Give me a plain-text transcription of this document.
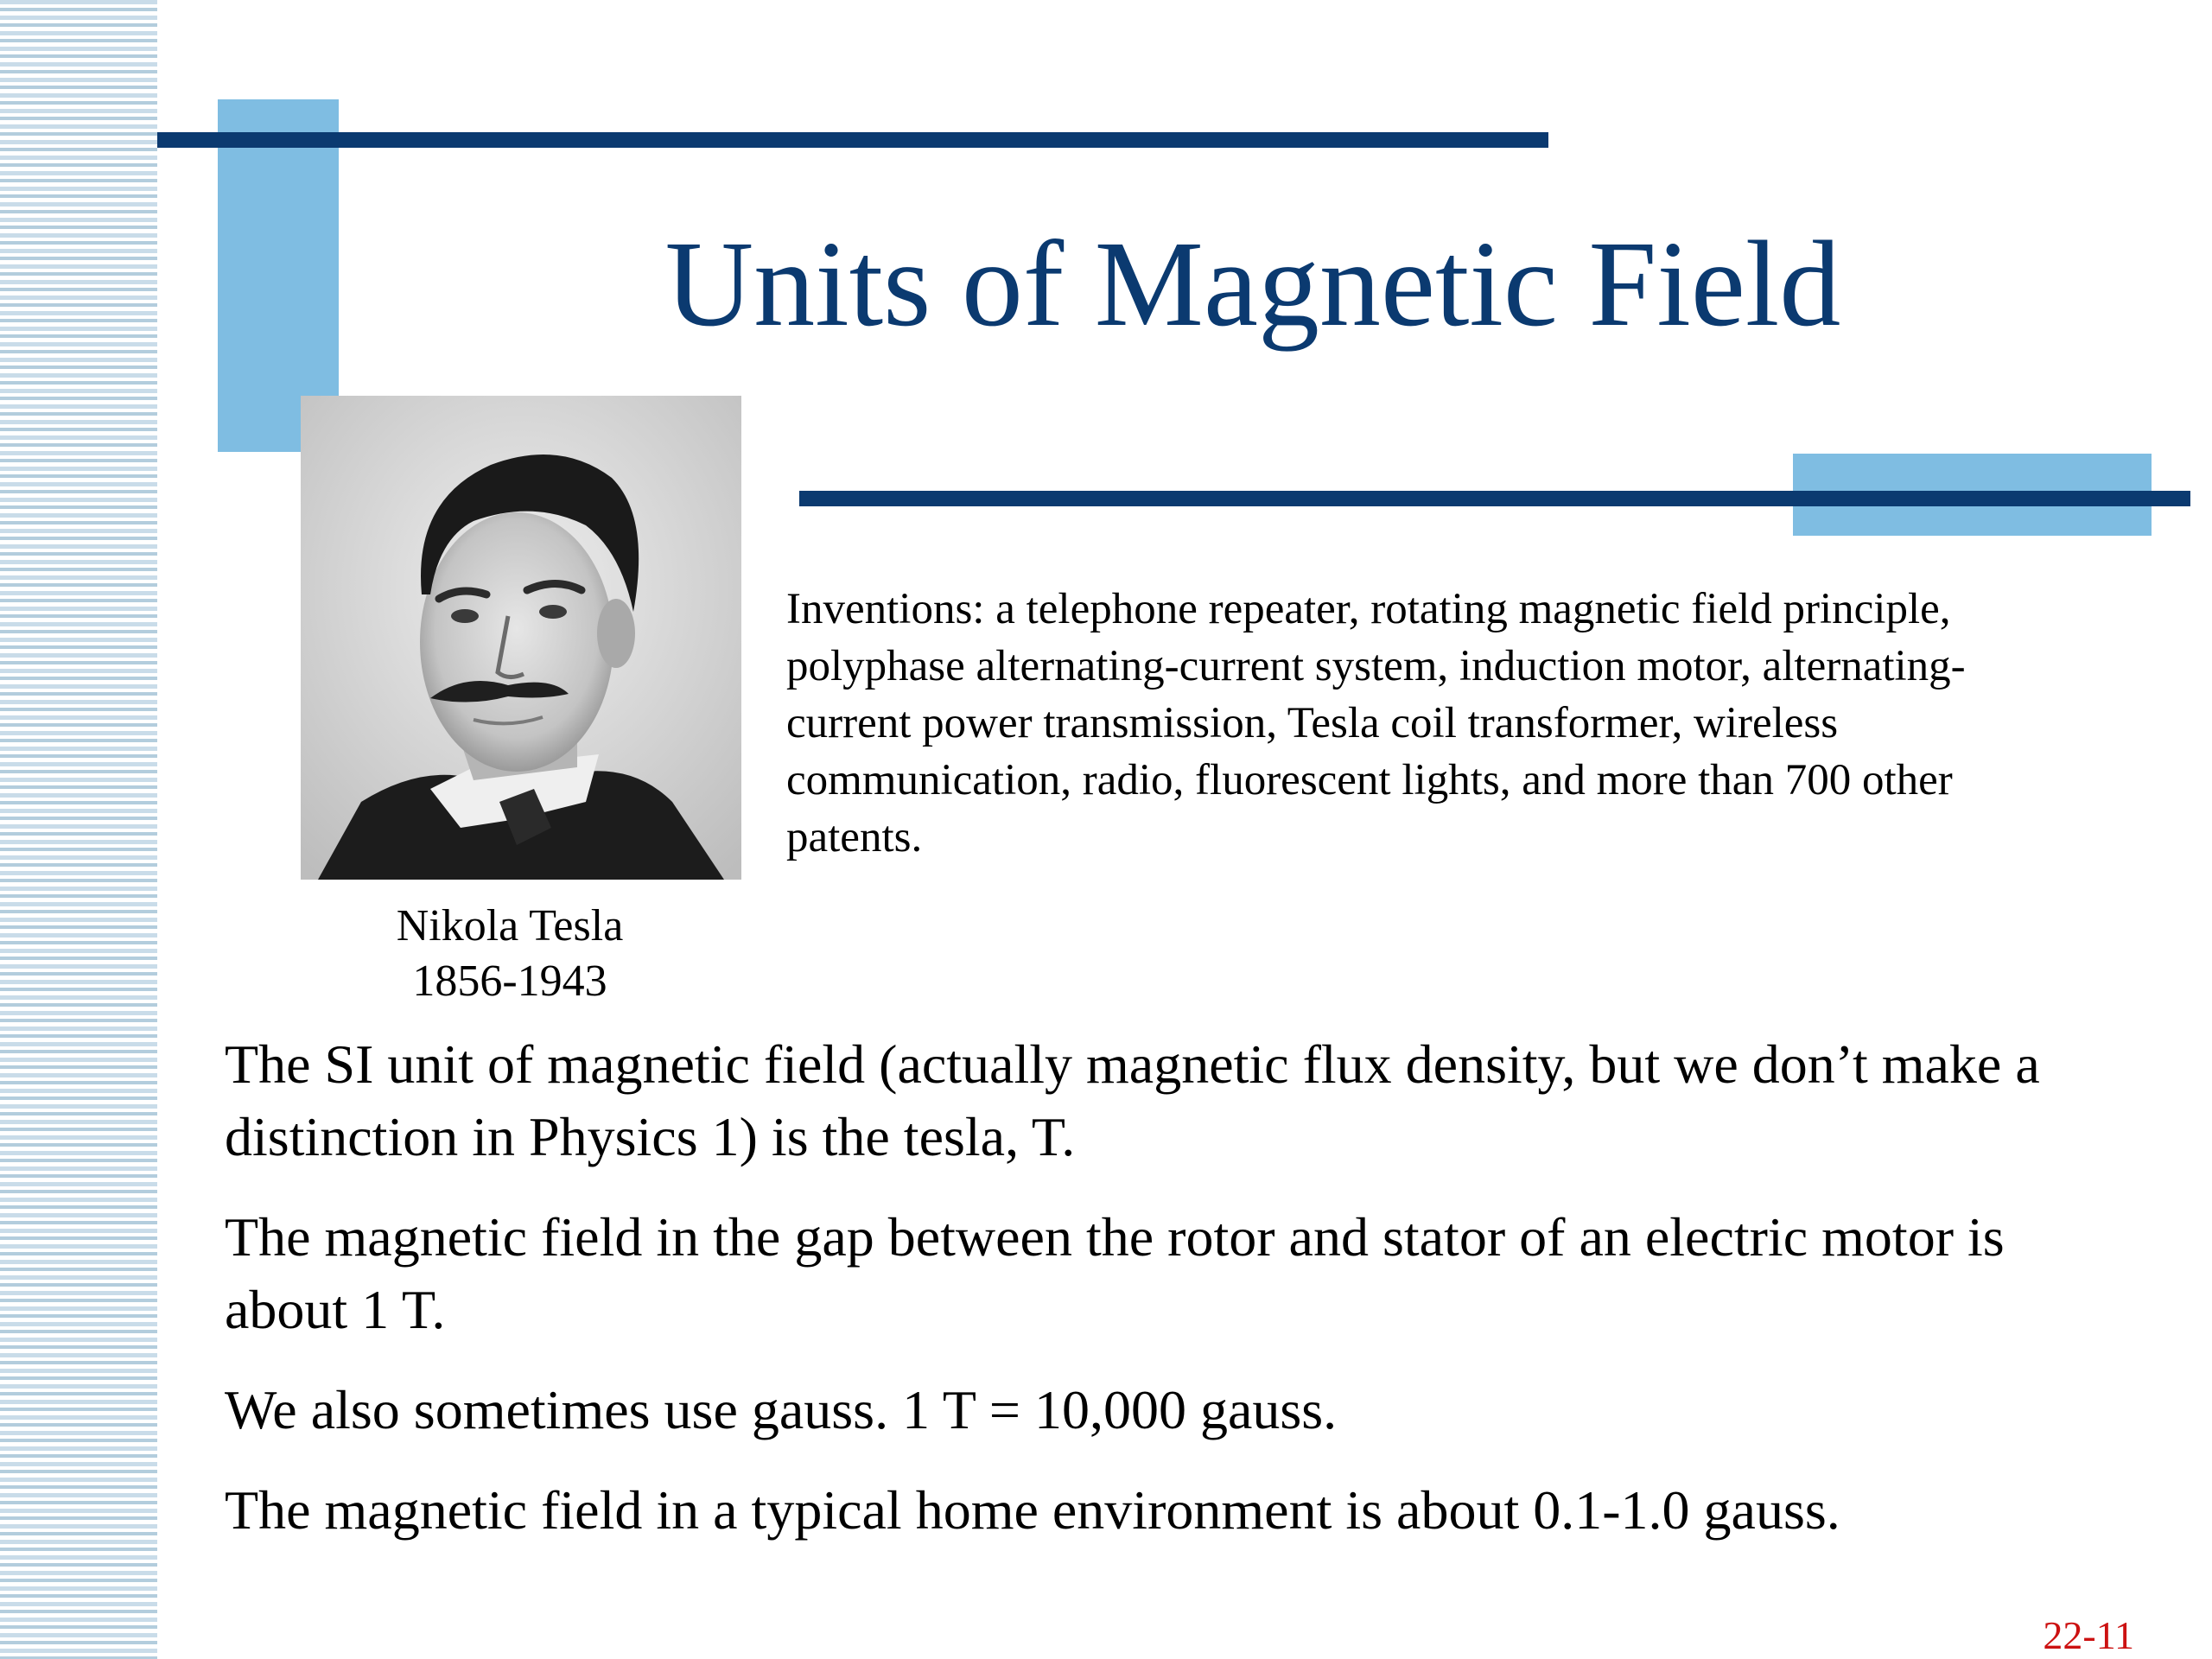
Units of Magnetic Field
Nikola Tesla
1856-1943

Inventions: a telephone repeater, rotating magnetic field principle, polyphase alternating-current system, induction motor, alternating-current power transmission, Tesla coil transformer, wireless communication, radio, fluorescent lights, and more than 700 other patents.

The SI unit of magnetic field (actually magnetic flux density, but we don’t make a distinction in Physics 1) is the tesla, T.

The magnetic field in the gap between the rotor and stator of an electric motor is about 1 T.

We also sometimes use gauss. 1 T = 10,000 gauss.

The magnetic field in a typical home environment is about 0.1-1.0 gauss.

22-11
